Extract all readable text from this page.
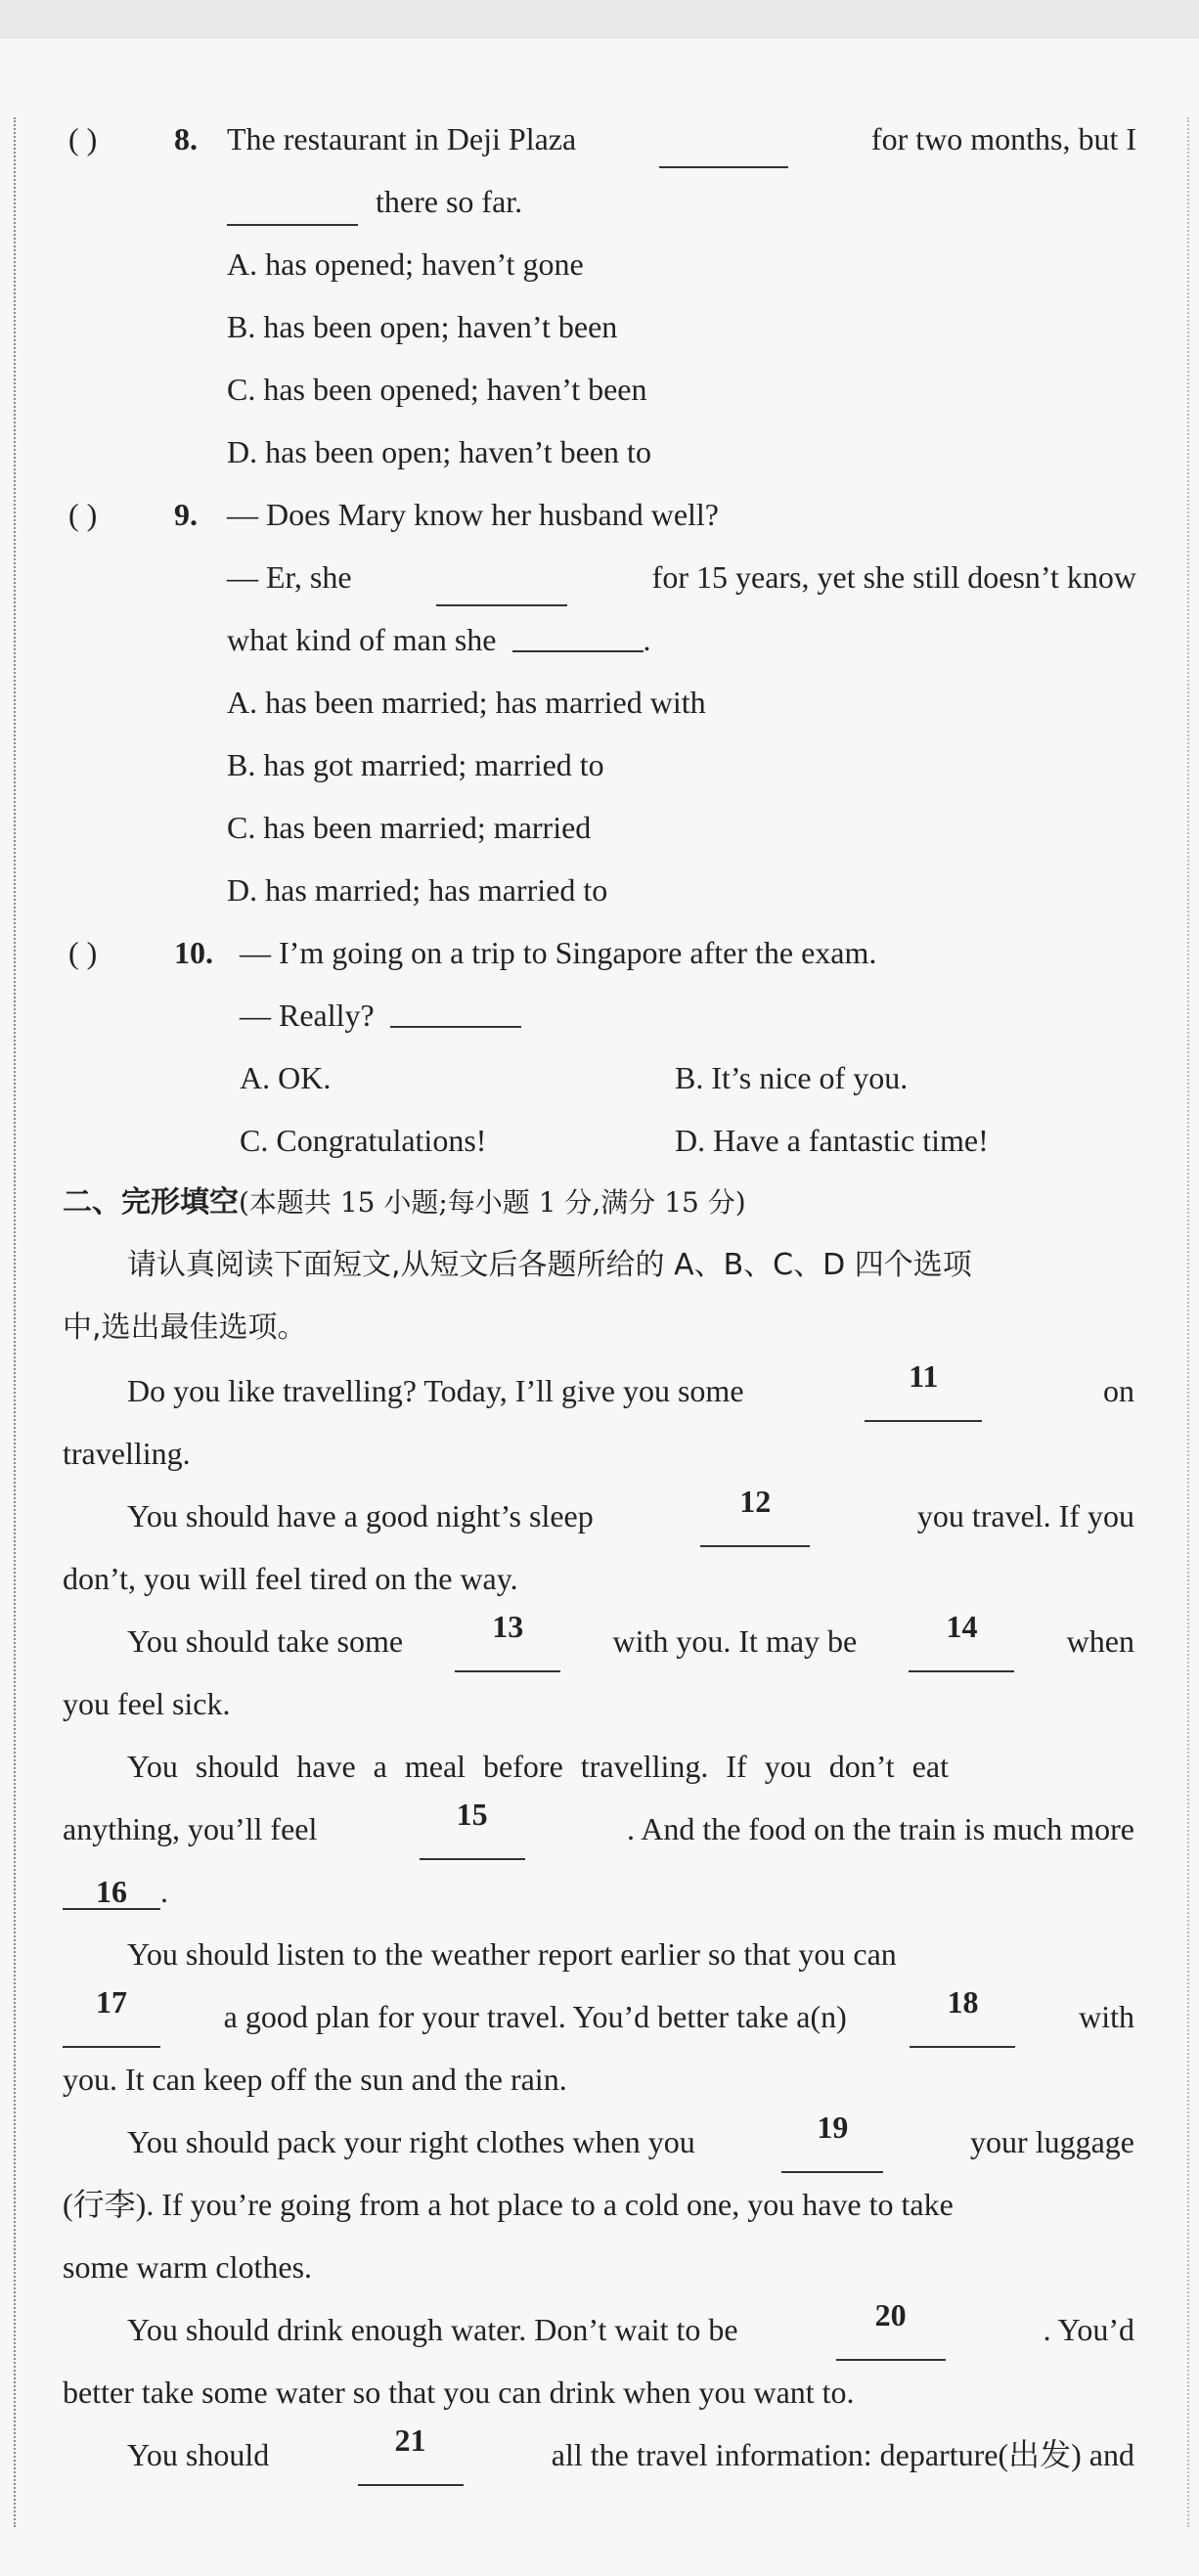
( ) 8. The restaurant in Deji Plaza	for two months, but I
there so far.
A. has opened; haven’t gone
B. has been open; haven’t been
C. has been opened; haven’t been
D. has been open; haven’t been to
( ) 9. — Does Mary know her husband well?
— Er, she	for 15 years, yet she still doesn’t know
what kind of man she	.
A. has been married; has married with
B. has got married; married to
C. has been married; married
D. has married; has married to
( ) 10. — I’m going on a trip to Singapore after the exam.
— Really?
A. OK.	B. It’s nice of you.
C. Congratulations!	D. Have a fantastic time!
二、完形填空(本题共 15 小题;每小题 1 分,满分 15 分)
请认真阅读下面短文,从短文后各题所给的 A、B、C、D 四个选项
中,选出最佳选项。
Do you like travelling? Today, I’ll give you some	11	on
travelling.
You should have a good night’s sleep	12	you travel. If you
don’t, you will feel tired on the way.
You should take some	13	with you. It may be	14	when
you feel sick.
You should have a meal before travelling. If you don’t eat
anything, you’ll feel	15	. And the food on the train is much more
16 .
You should listen to the weather report earlier so that you can
17	a good plan for your travel. You’d better take a(n)	18	with
you. It can keep off the sun and the rain.
You should pack your right clothes when you	19	your luggage
(行李). If you’re going from a hot place to a cold one, you have to take
some warm clothes.
You should drink enough water. Don’t wait to be	20	. You’d
better take some water so that you can drink when you want to.
You should	21	all the travel information: departure(出发) and
